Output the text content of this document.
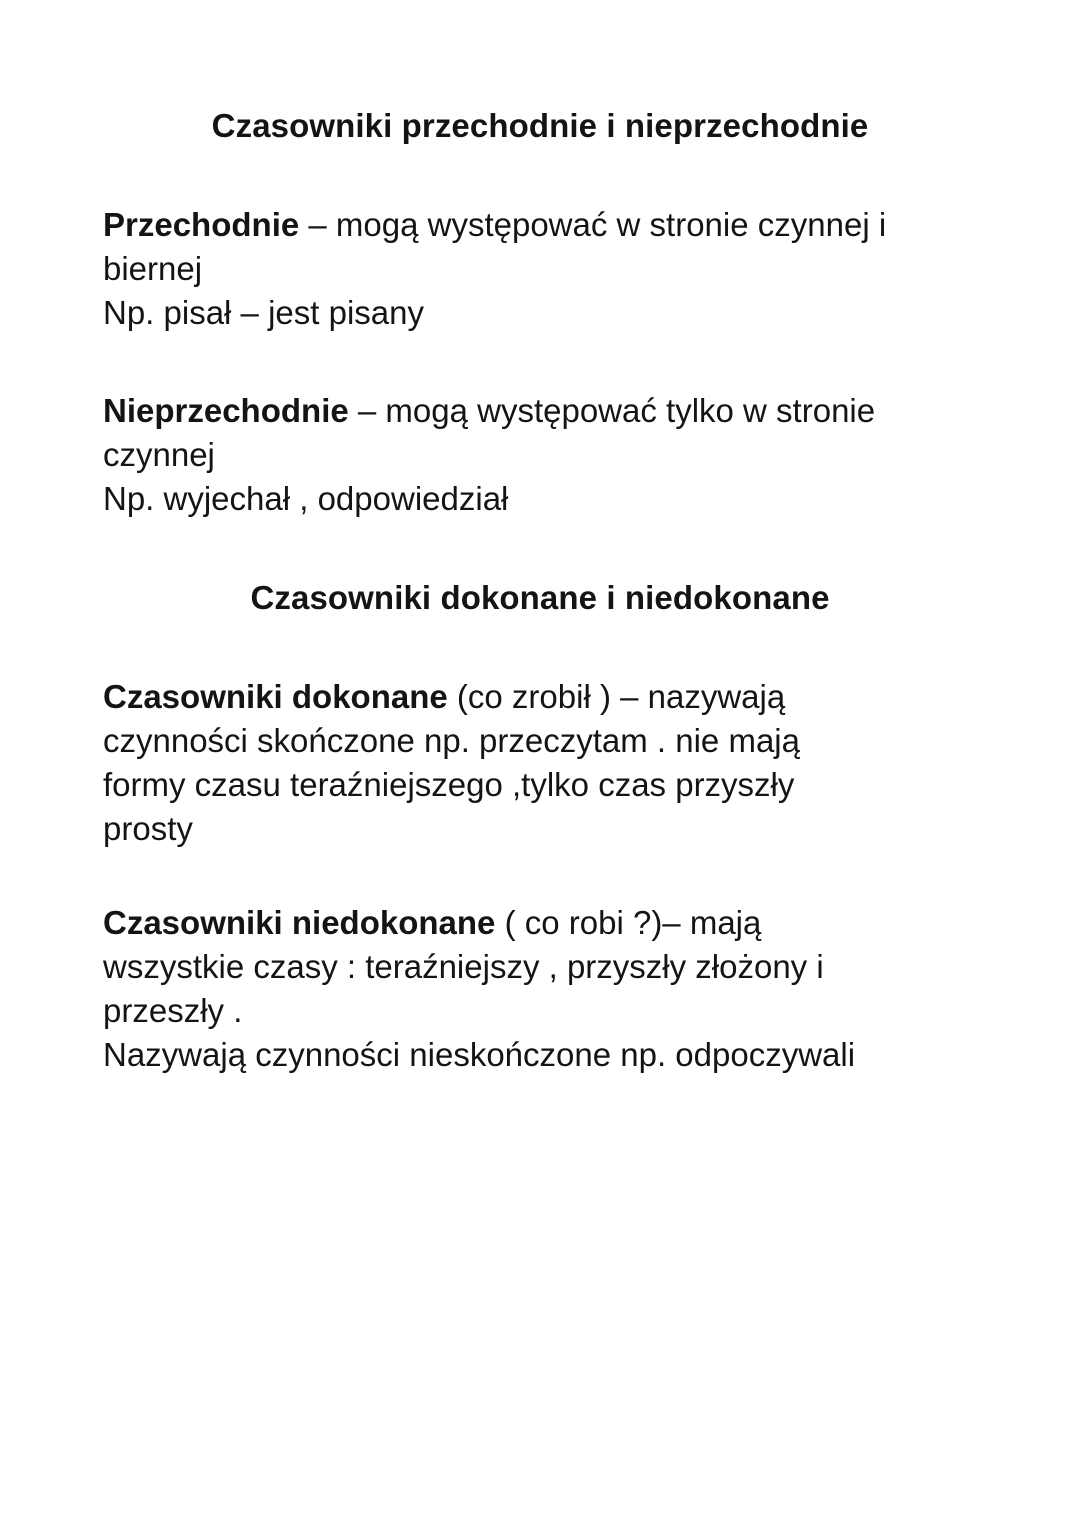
Czasowniki przechodnie i nieprzechodnie

Przechodnie – mogą występować w stronie czynnej i
biernej
Np. pisał – jest pisany

Nieprzechodnie – mogą występować tylko w stronie
czynnej
Np. wyjechał , odpowiedział

Czasowniki dokonane i niedokonane

Czasowniki dokonane (co zrobił ) – nazywają
czynności skończone np. przeczytam . nie mają
formy czasu teraźniejszego ,tylko czas przyszły
prosty

Czasowniki niedokonane ( co robi ?)– mają
wszystkie czasy : teraźniejszy , przyszły złożony i
przeszły .
Nazywają czynności nieskończone np. odpoczywali
